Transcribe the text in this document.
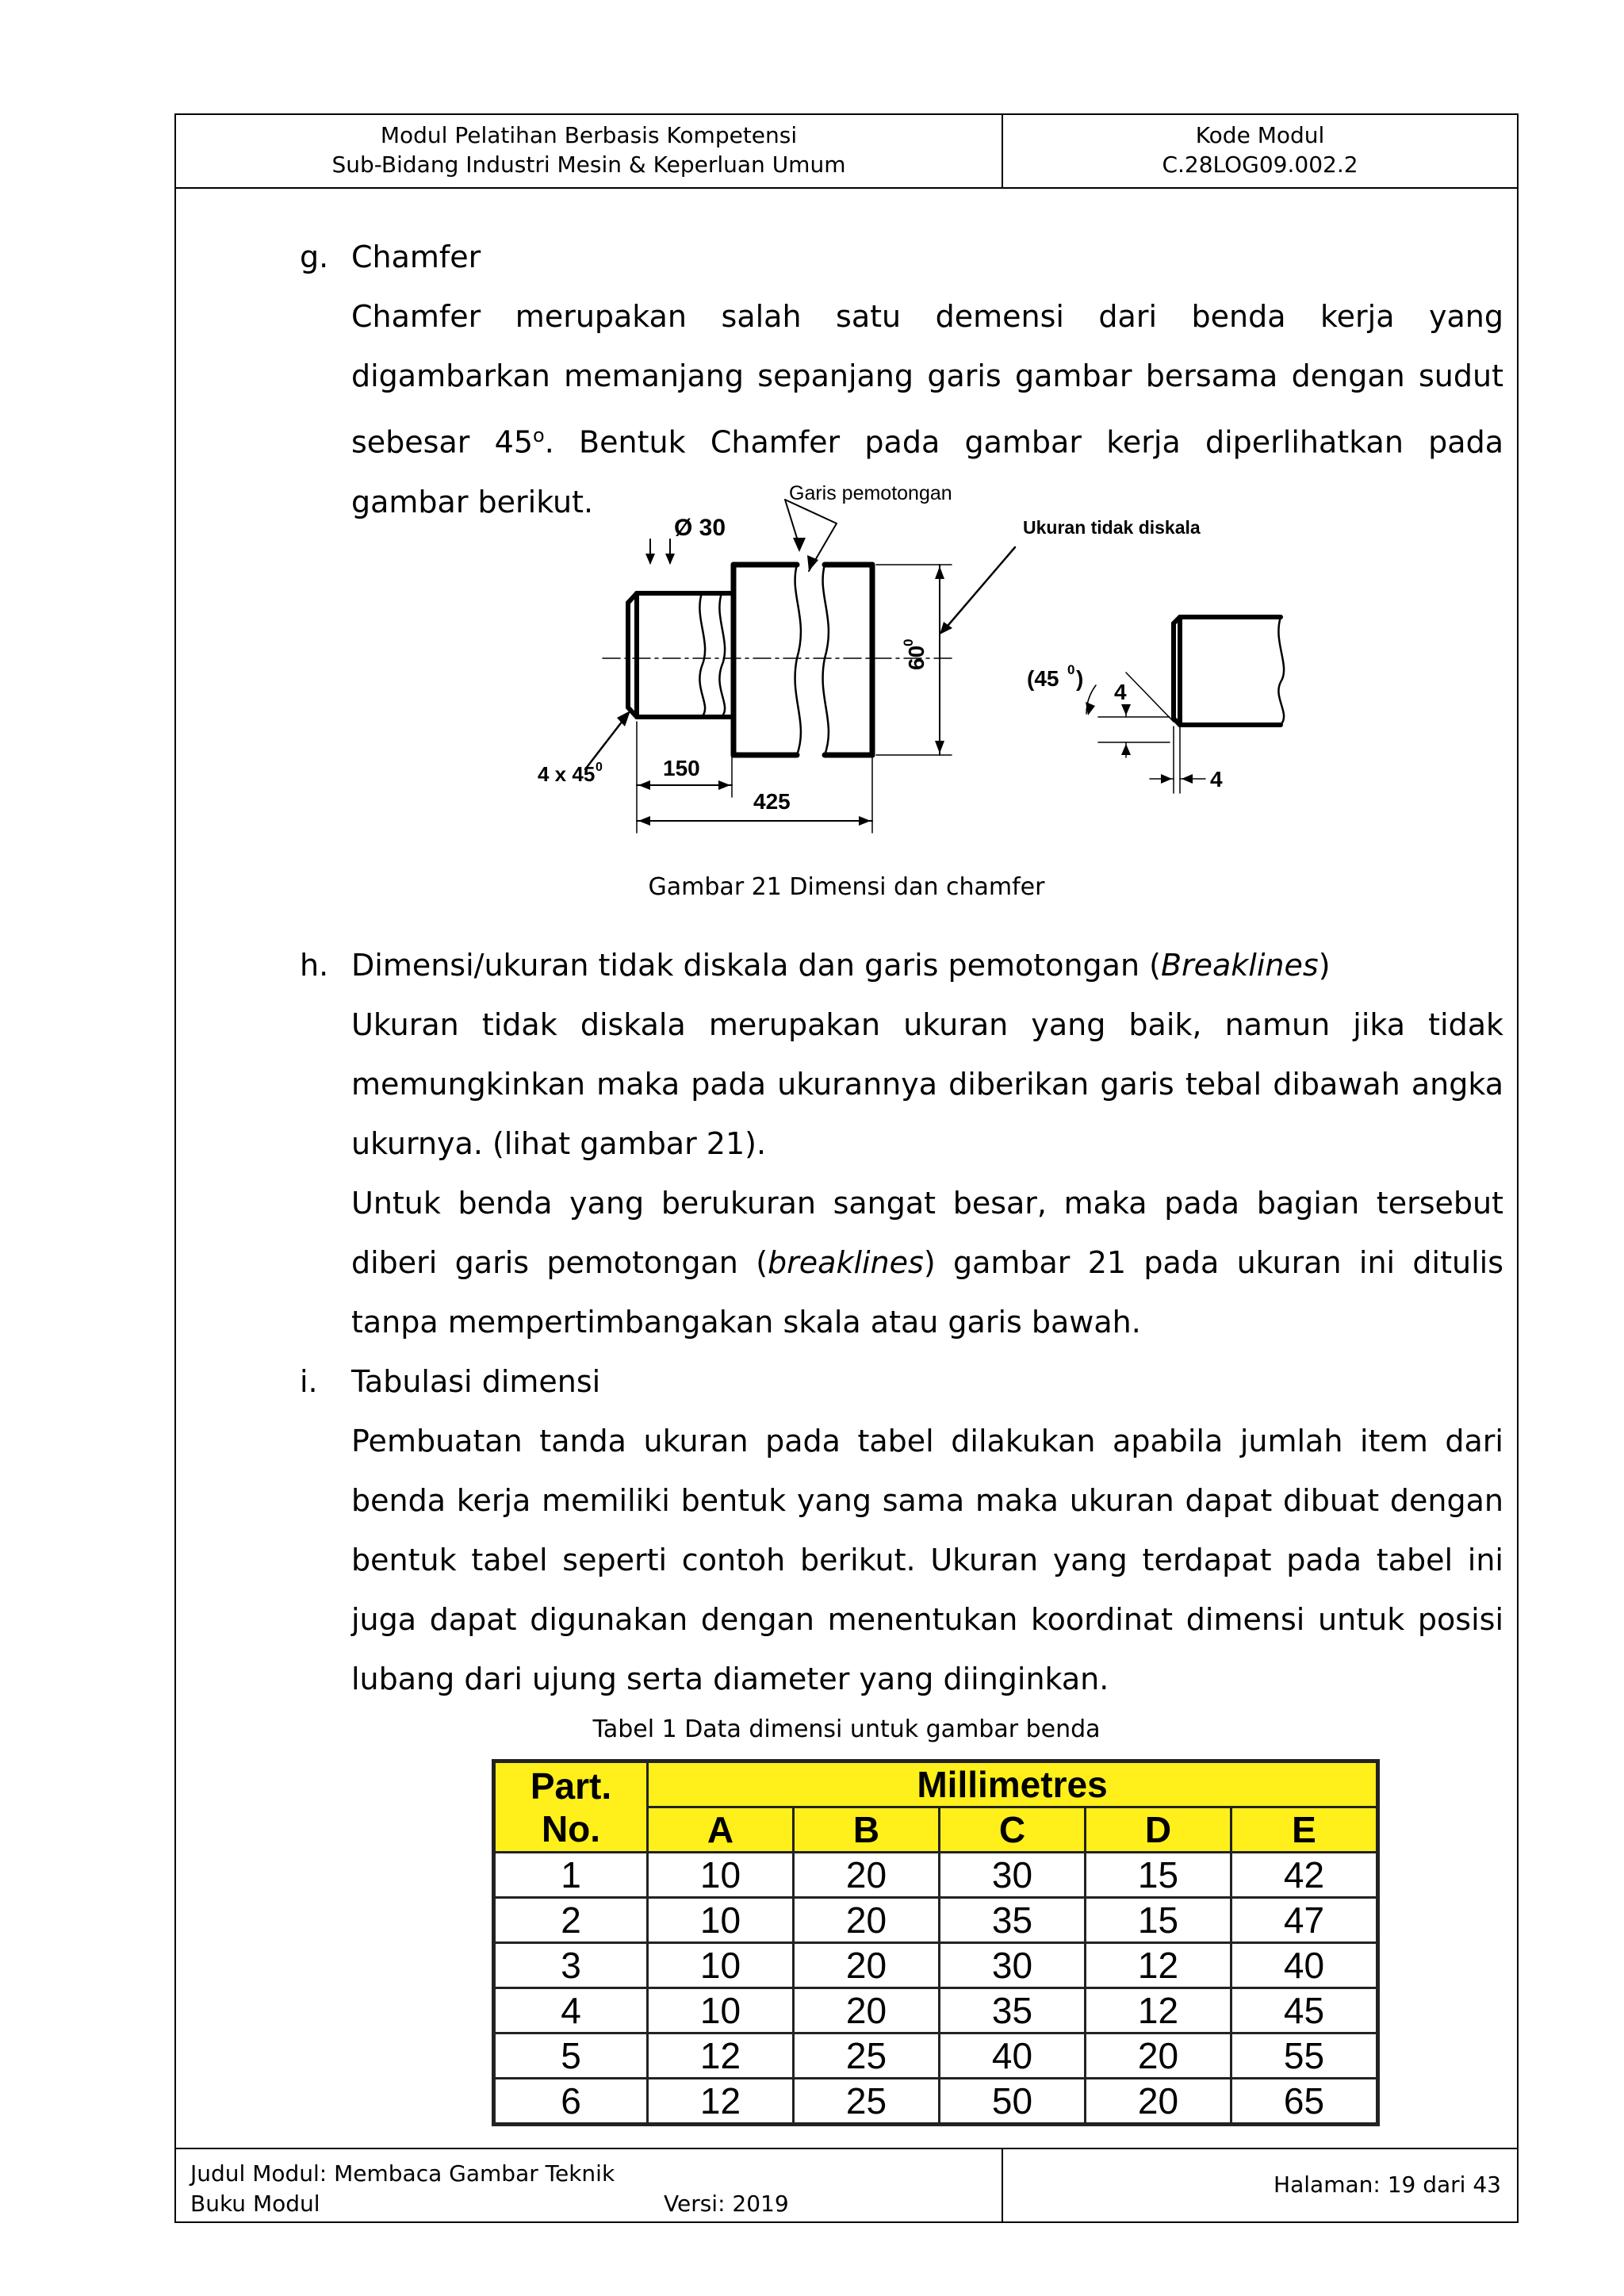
Modul Pelatihan Berbasis Kompetensi
Sub-Bidang Industri Mesin & Keperluan Umum
Kode Modul
C.28LOG09.002.2
Judul Modul: Membaca Gambar Teknik
Buku Modul	Versi: 2019
Halaman: 19 dari 43
g. Chamfer
Chamfer merupakan salah satu demensi dari benda kerja yang digambarkan memanjang sepanjang garis gambar bersama dengan sudut sebesar 45$^o$. Bentuk Chamfer pada gambar kerja diperlihatkan pada gambar berikut.	Garis pemotongan
Ø 30	Ukuran tidak diskala
60
0
4 x 45 0	150
425
(45 0 )
4
4
Gambar 21 Dimensi dan chamfer
h. Dimensi/ukuran tidak diskala dan garis pemotongan (Breaklines)
Ukuran tidak diskala merupakan ukuran yang baik, namun jika tidak memungkinkan maka pada ukurannya diberikan garis tebal dibawah angka ukurnya. (lihat gambar 21).
Untuk benda yang berukuran sangat besar, maka pada bagian tersebut diberi garis pemotongan (breaklines) gambar 21 pada ukuran ini ditulis tanpa mempertimbangakan skala atau garis bawah.
i. Tabulasi dimensi
Pembuatan tanda ukuran pada tabel dilakukan apabila jumlah item dari benda kerja memiliki bentuk yang sama maka ukuran dapat dibuat dengan bentuk tabel seperti contoh berikut. Ukuran yang terdapat pada tabel ini juga dapat digunakan dengan menentukan koordinat dimensi untuk posisi lubang dari ujung serta diameter yang diinginkan.
Tabel 1 Data dimensi untuk gambar benda
Part.
No.	Millimetres				
	A	B	C	D	E
1	10	20	30	15	42
2	10	20	35	15	47
3	10	20	30	12	40
4	10	20	35	12	45
5	12	25	40	20	55
6	12	25	50	20	65
